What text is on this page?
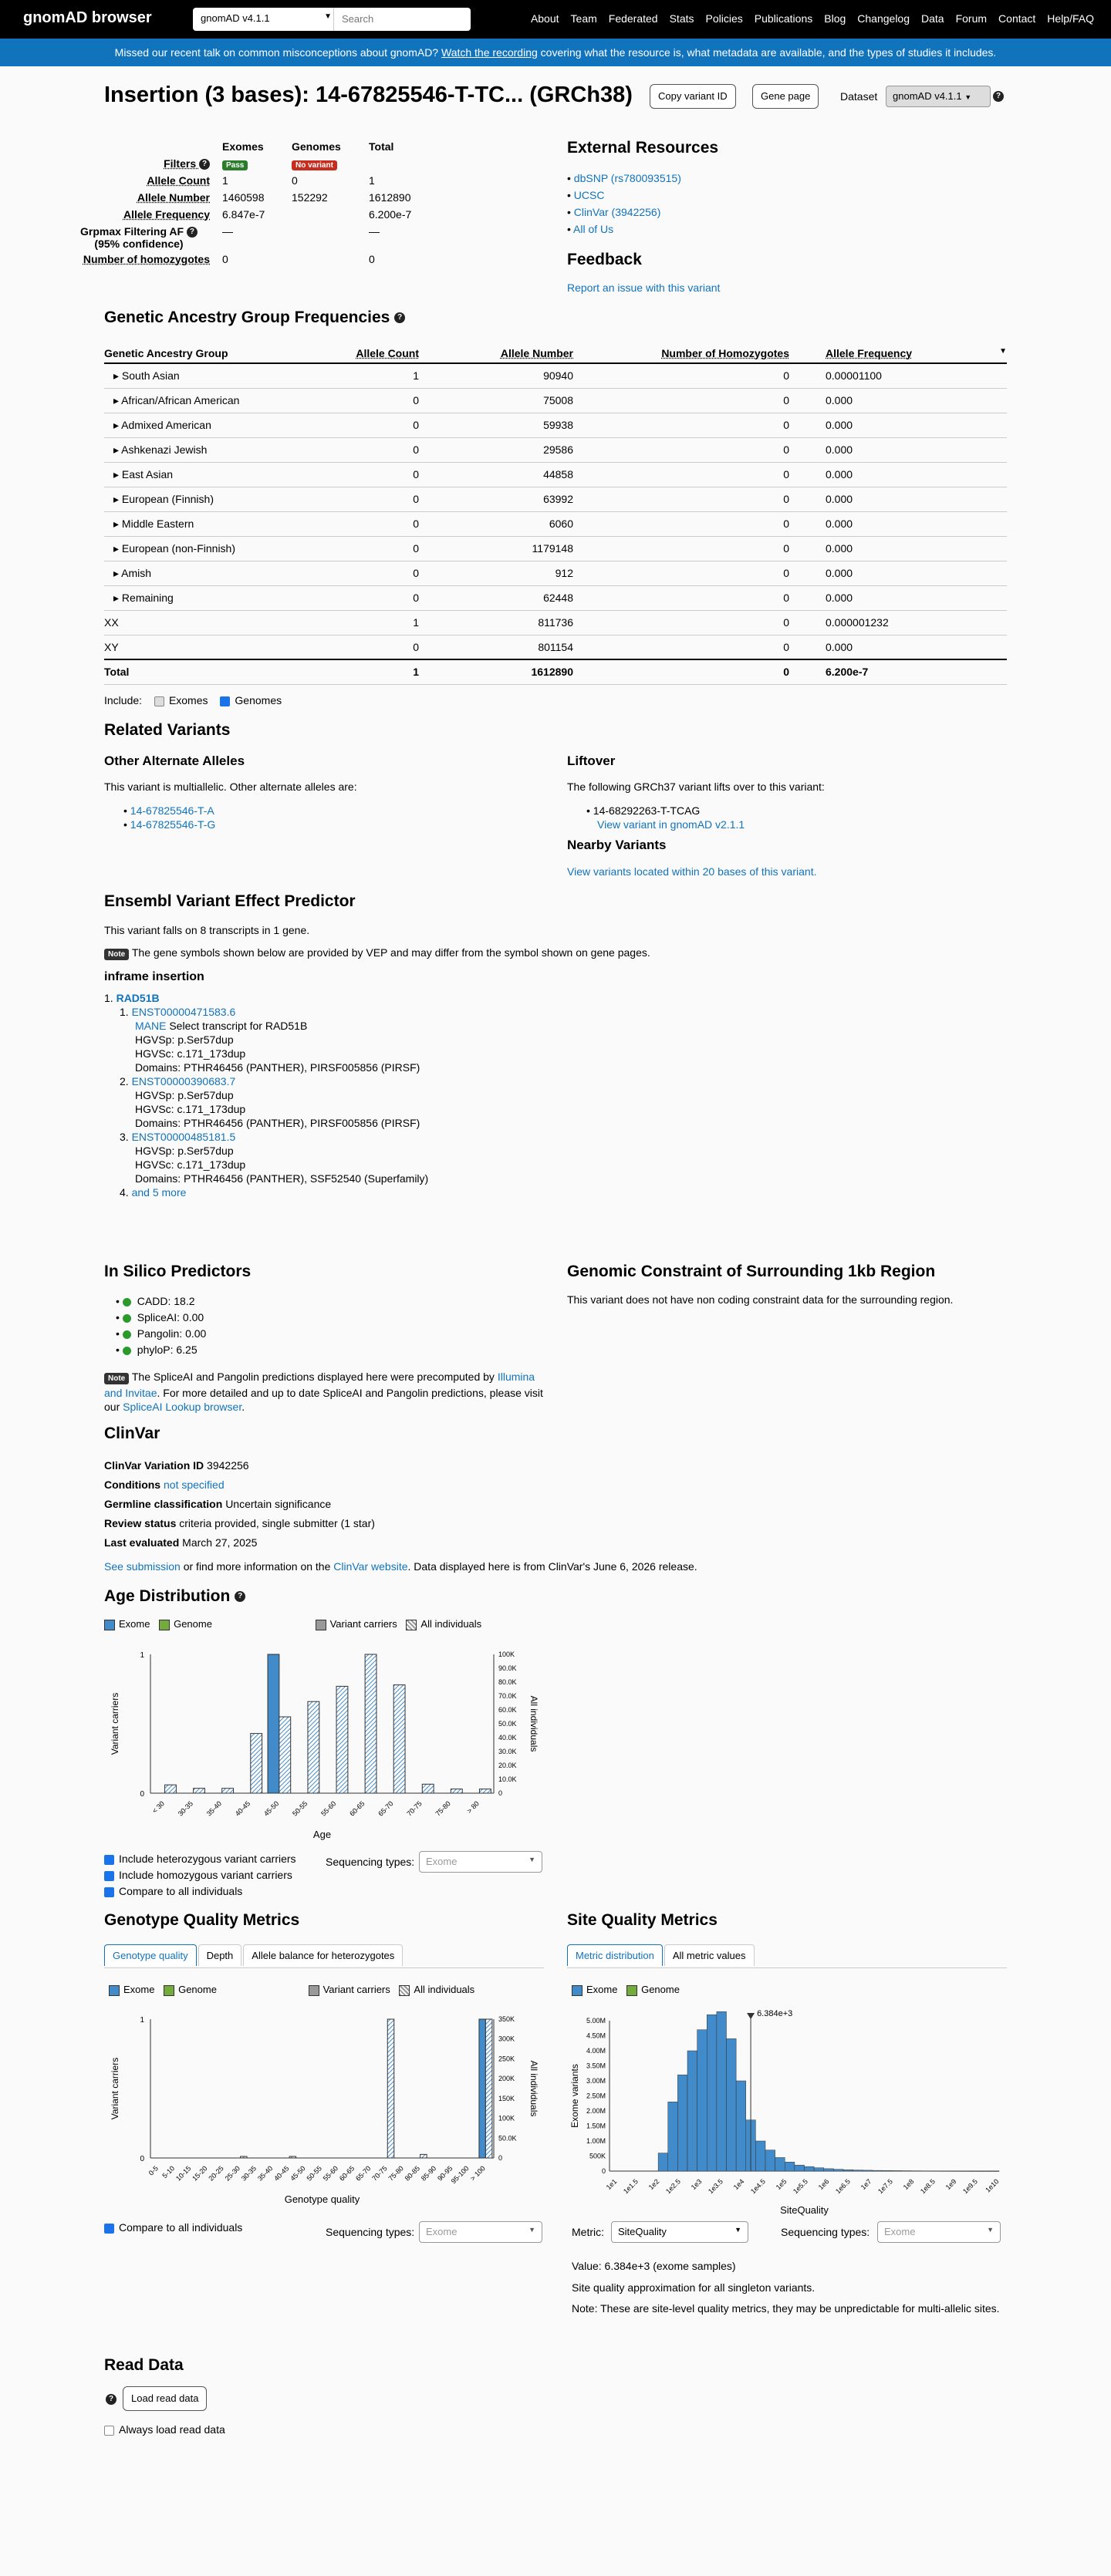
gnomAD browser	gnomAD v4.1.1	▼	Search	About Team Federated Stats Policies Publications Blog Changelog Data Forum Contact Help/FAQ
Missed our recent talk on common misconceptions about gnomAD? Watch the recording covering what the resource is, what metadata are available, and the types of studies it includes.
Insertion (3 bases): 14-67825546-T-TC... (GRCh38)	Copy variant ID	Gene page	Dataset	gnomAD v4.1.1 ▼	?
	Exomes	Genomes	Total
Filters ?	Pass	No variant	
Allele Count	1	0	1
Allele Number	1460598	152292	1612890
Allele Frequency	6.847e-7		6.200e-7
Grpmax Filtering AF ?
(95% confidence)	—		—
Number of homozygotes	0		0
External Resources
• dbSNP (rs780093515)
• UCSC
• ClinVar (3942256)
• All of Us
Feedback
Report an issue with this variant
Genetic Ancestry Group Frequencies ?
Genetic Ancestry Group	Allele Count	Allele Number	Number of Homozygotes	Allele Frequency ▼

▸ South Asian	1	90940	0	0.00001100
▸ African/African American	0	75008	0	0.000
▸ Admixed American	0	59938	0	0.000
▸ Ashkenazi Jewish	0	29586	0	0.000
▸ East Asian	0	44858	0	0.000
▸ European (Finnish)	0	63992	0	0.000
▸ Middle Eastern	0	6060	0	0.000
▸ European (non-Finnish)	0	1179148	0	0.000
▸ Amish	0	912	0	0.000
▸ Remaining	0	62448	0	0.000
XX	1	811736	0	0.000001232
XY	0	801154	0	0.000
Total	1	1612890	0	6.200e-7
Include: Exomes Genomes
Related Variants
Other Alternate Alleles
This variant is multiallelic. Other alternate alleles are:
• 14-67825546-T-A
• 14-67825546-T-G
Liftover
The following GRCh37 variant lifts over to this variant:
• 14-68292263-T-TCAG
View variant in gnomAD v2.1.1
Nearby Variants
View variants located within 20 bases of this variant.
Ensembl Variant Effect Predictor
This variant falls on 8 transcripts in 1 gene.
Note The gene symbols shown below are provided by VEP and may differ from the symbol shown on gene pages.
inframe insertion
1. RAD51B
1. ENST00000471583.6
MANE Select transcript for RAD51B
HGVSp: p.Ser57dup
HGVSc: c.171_173dup
Domains: PTHR46456 (PANTHER), PIRSF005856 (PIRSF)
2. ENST00000390683.7
HGVSp: p.Ser57dup
HGVSc: c.171_173dup
Domains: PTHR46456 (PANTHER), PIRSF005856 (PIRSF)
3. ENST00000485181.5
HGVSp: p.Ser57dup
HGVSc: c.171_173dup
Domains: PTHR46456 (PANTHER), SSF52540 (Superfamily)
4. and 5 more
In Silico Predictors
• CADD: 18.2
• SpliceAI: 0.00
• Pangolin: 0.00
• phyloP: 6.25
Note The SpliceAI and Pangolin predictions displayed here were precomputed by Illumina and Invitae. For more detailed and up to date SpliceAI and Pangolin predictions, please visit our SpliceAI Lookup browser.
Genomic Constraint of Surrounding 1kb Region
This variant does not have non coding constraint data for the surrounding region.
ClinVar
ClinVar Variation ID 3942256
Conditions not specified
Germline classification Uncertain significance
Review status criteria provided, single submitter (1 star)
Last evaluated March 27, 2025
See submission or find more information on the ClinVar website. Data displayed here is from ClinVar's June 6, 2026 release.
Age Distribution ?
Exome Genome	Variant carriers All individuals
1
0
Variant carriers	All individuals
Age
0
10.0K
20.0K
30.0K
40.0K
50.0K
60.0K
70.0K
80.0K
90.0K
100K
< 30 30-35 35-40 40-45 45-50 50-55 55-60 60-65 65-70 70-75 75-80 > 80
Include heterozygous variant carriers
Include homozygous variant carriers
Compare to all individuals
Sequencing types:	Exome	▼
Genotype Quality Metrics
Genotype quality	Depth	Allele balance for heterozygotes
Exome Genome	Variant carriers All individuals
1
0
Variant carriers	All individuals
Genotype quality
0
50.0K
100K
150K
200K
250K
300K
350K
0-5 5-10
10-15
15-20
20-25
25-30
30-35
35-40
40-45
45-50
50-55
55-60
60-65
65-70
70-75
75-80
80-85
85-90
90-95
95-100
> 100
Compare to all individuals	Sequencing types:	Exome	▼
Site Quality Metrics
Metric distribution	All metric values
Exome Genome
0
500K
1.00M
1.50M
2.00M
2.50M
3.00M
3.50M
4.00M
4.50M
5.00M
Exome variants
SiteQuality
1e1 1e1.5 1e2 1e2.5 1e3 1e3.5 1e4 1e4.5 1e5 1e5.5 1e6 1e6.5 1e7 1e7.5 1e8 1e8.5 1e9 1e9.5 1e10
6.384e+3
Metric:	SiteQuality	▼	Sequencing types:	Exome	▼
Value: 6.384e+3 (exome samples)
Site quality approximation for all singleton variants.
Note: These are site-level quality metrics, they may be unpredictable for multi-allelic sites.
Read Data
?	Load read data
Always load read data
